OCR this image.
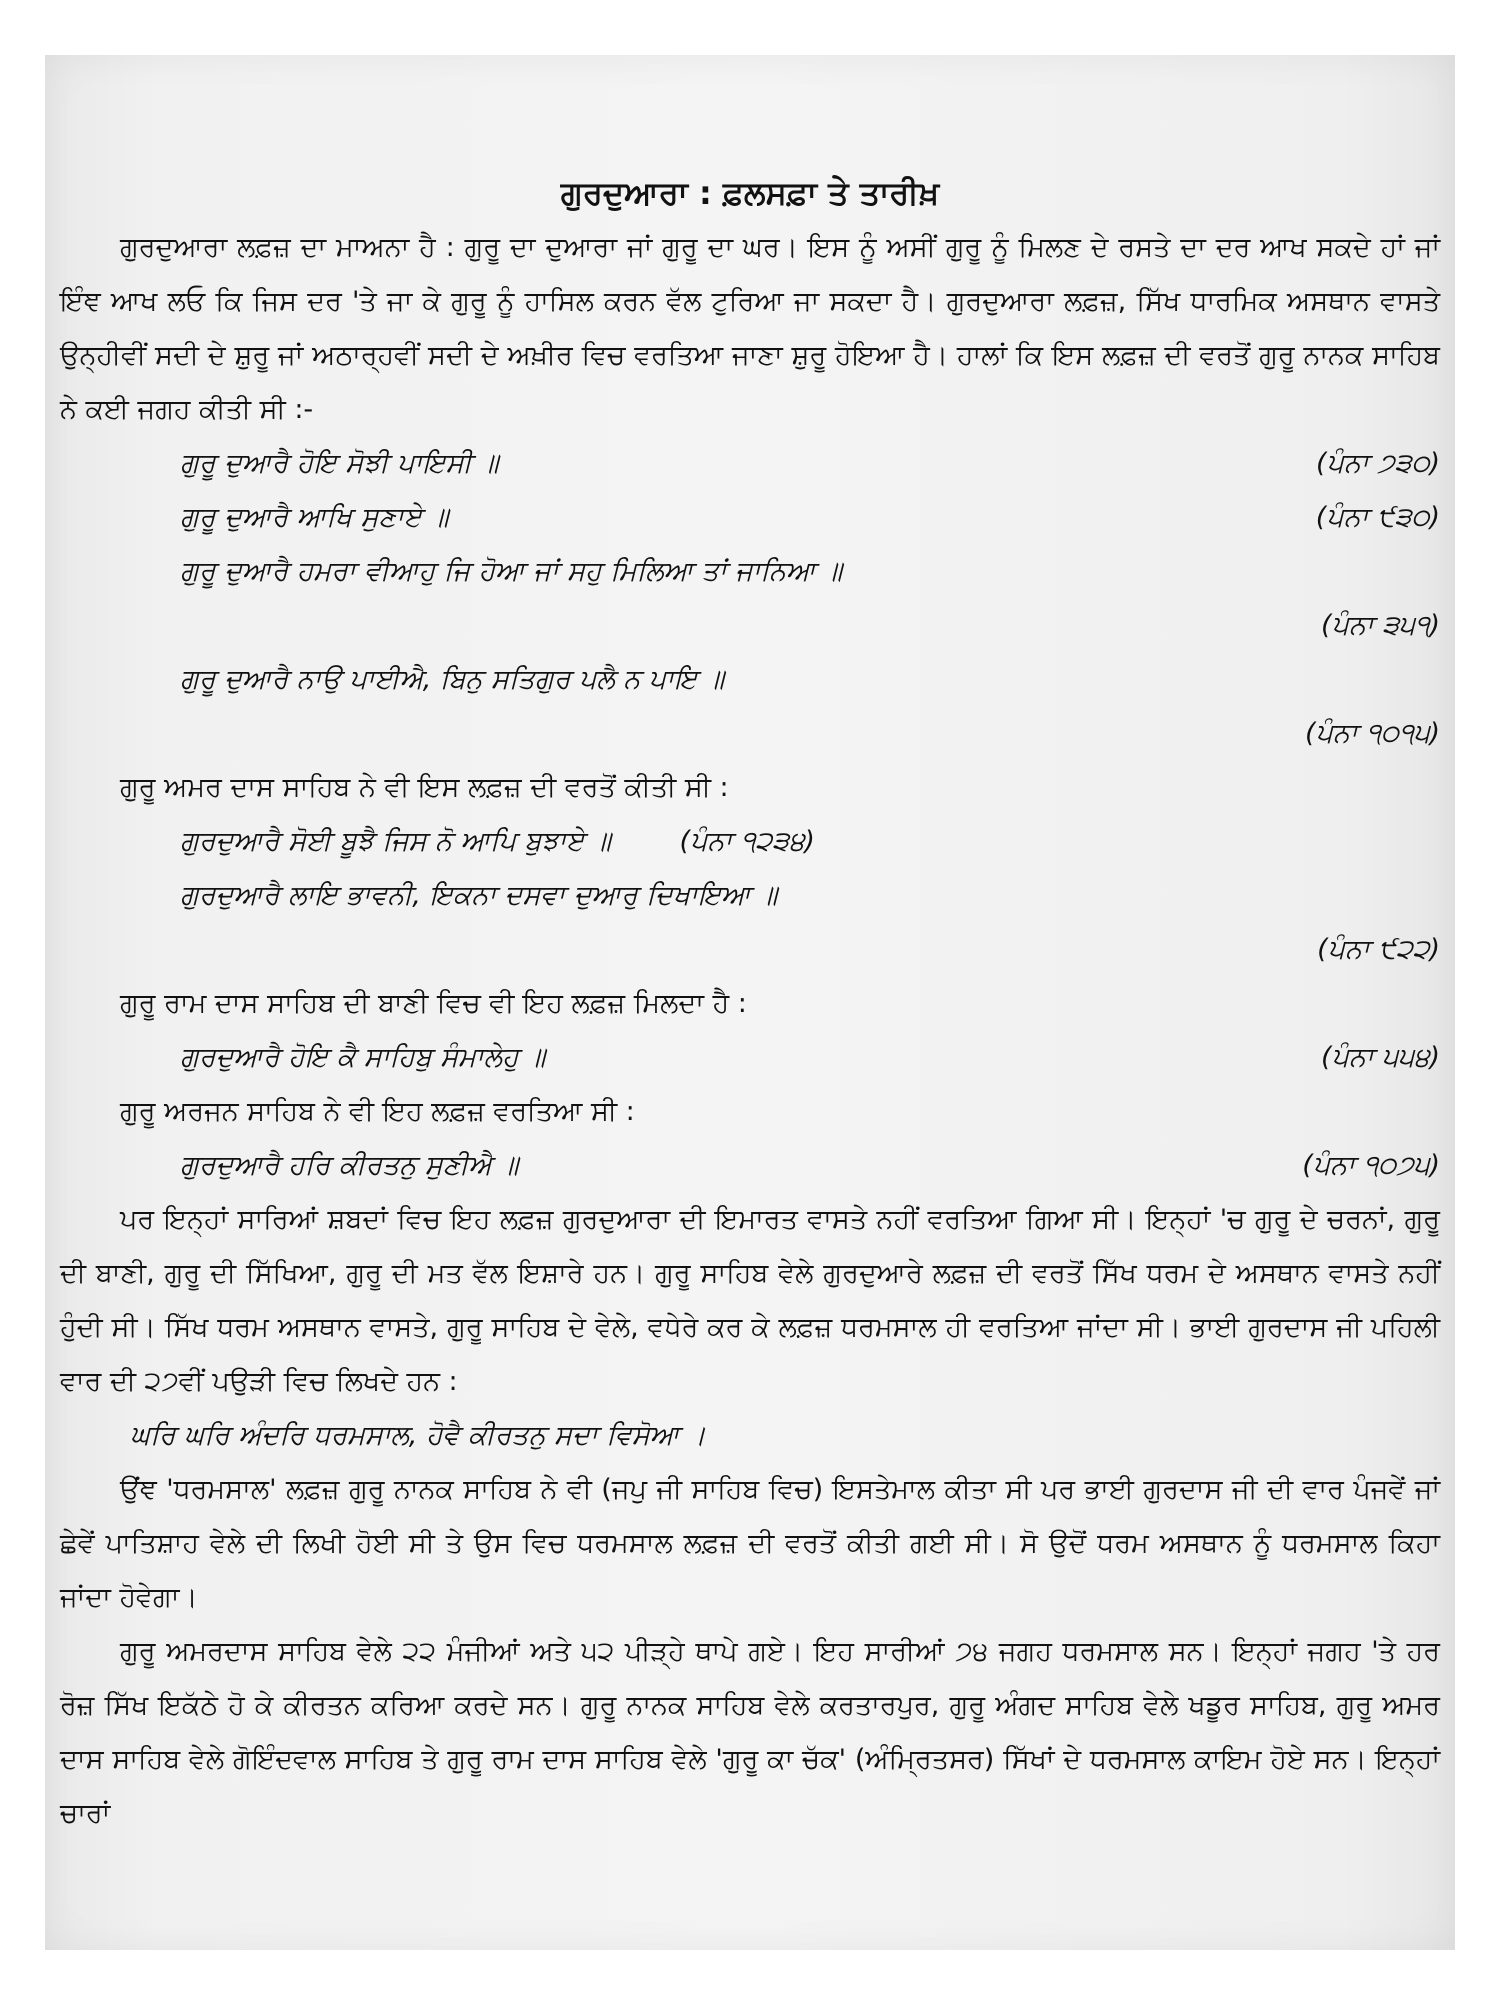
ਗੁਰਦੁਆਰਾ : ਫ਼ਲਸਫ਼ਾ ਤੇ ਤਾਰੀਖ਼

ਗੁਰਦੁਆਰਾ ਲਫ਼ਜ਼ ਦਾ ਮਾਅਨਾ ਹੈ : ਗੁਰੂ ਦਾ ਦੁਆਰਾ ਜਾਂ ਗੁਰੂ ਦਾ ਘਰ। ਇਸ ਨੂੰ ਅਸੀਂ ਗੁਰੂ ਨੂੰ ਮਿਲਣ ਦੇ ਰਸਤੇ ਦਾ ਦਰ ਆਖ ਸਕਦੇ ਹਾਂ ਜਾਂ ਇੰਞ ਆਖ ਲਓ ਕਿ ਜਿਸ ਦਰ 'ਤੇ ਜਾ ਕੇ ਗੁਰੂ ਨੂੰ ਹਾਸਿਲ ਕਰਨ ਵੱਲ ਟੁਰਿਆ ਜਾ ਸਕਦਾ ਹੈ। ਗੁਰਦੁਆਰਾ ਲਫ਼ਜ਼, ਸਿੱਖ ਧਾਰਮਿਕ ਅਸਥਾਨ ਵਾਸਤੇ ਉਨ੍ਹੀਵੀਂ ਸਦੀ ਦੇ ਸ਼ੁਰੂ ਜਾਂ ਅਠਾਰ੍ਹਵੀਂ ਸਦੀ ਦੇ ਅਖ਼ੀਰ ਵਿਚ ਵਰਤਿਆ ਜਾਣਾ ਸ਼ੁਰੂ ਹੋਇਆ ਹੈ। ਹਾਲਾਂ ਕਿ ਇਸ ਲਫ਼ਜ਼ ਦੀ ਵਰਤੋਂ ਗੁਰੂ ਨਾਨਕ ਸਾਹਿਬ ਨੇ ਕਈ ਜਗਹ ਕੀਤੀ ਸੀ :-

ਗੁਰੂ ਦੁਆਰੈ ਹੋਇ ਸੋਝੀ ਪਾਇਸੀ ॥	(ਪੰਨਾ ੭੩੦)
ਗੁਰੂ ਦੁਆਰੈ ਆਖਿ ਸੁਣਾਏ ॥	(ਪੰਨਾ ੯੩੦)
ਗੁਰੂ ਦੁਆਰੈ ਹਮਰਾ ਵੀਆਹੁ ਜਿ ਹੋਆ ਜਾਂ ਸਹੁ ਮਿਲਿਆ ਤਾਂ ਜਾਨਿਆ ॥
(ਪੰਨਾ ੩੫੧)
ਗੁਰੂ ਦੁਆਰੈ ਨਾਉ ਪਾਈਐ, ਬਿਨੁ ਸਤਿਗੁਰ ਪਲੈ ਨ ਪਾਇ ॥
(ਪੰਨਾ ੧੦੧੫)

ਗੁਰੂ ਅਮਰ ਦਾਸ ਸਾਹਿਬ ਨੇ ਵੀ ਇਸ ਲਫ਼ਜ਼ ਦੀ ਵਰਤੋਂ ਕੀਤੀ ਸੀ :

ਗੁਰਦੁਆਰੈ ਸੋਈ ਬੂਝੈ ਜਿਸ ਨੋ ਆਪਿ ਬੁਝਾਏ ॥	(ਪੰਨਾ ੧੨੩੪)
ਗੁਰਦੁਆਰੈ ਲਾਇ ਭਾਵਨੀ, ਇਕਨਾ ਦਸਵਾ ਦੁਆਰੁ ਦਿਖਾਇਆ ॥
(ਪੰਨਾ ੯੨੨)

ਗੁਰੂ ਰਾਮ ਦਾਸ ਸਾਹਿਬ ਦੀ ਬਾਣੀ ਵਿਚ ਵੀ ਇਹ ਲਫ਼ਜ਼ ਮਿਲਦਾ ਹੈ :

ਗੁਰਦੁਆਰੈ ਹੋਇ ਕੈ ਸਾਹਿਬੁ ਸੰਮਾਲੇਹੁ ॥	(ਪੰਨਾ ੫੫੪)

ਗੁਰੂ ਅਰਜਨ ਸਾਹਿਬ ਨੇ ਵੀ ਇਹ ਲਫ਼ਜ਼ ਵਰਤਿਆ ਸੀ :

ਗੁਰਦੁਆਰੈ ਹਰਿ ਕੀਰਤਨੁ ਸੁਣੀਐ ॥	(ਪੰਨਾ ੧੦੭੫)

ਪਰ ਇਨ੍ਹਾਂ ਸਾਰਿਆਂ ਸ਼ਬਦਾਂ ਵਿਚ ਇਹ ਲਫ਼ਜ਼ ਗੁਰਦੁਆਰਾ ਦੀ ਇਮਾਰਤ ਵਾਸਤੇ ਨਹੀਂ ਵਰਤਿਆ ਗਿਆ ਸੀ। ਇਨ੍ਹਾਂ 'ਚ ਗੁਰੂ ਦੇ ਚਰਨਾਂ, ਗੁਰੂ ਦੀ ਬਾਣੀ, ਗੁਰੂ ਦੀ ਸਿੱਖਿਆ, ਗੁਰੂ ਦੀ ਮਤ ਵੱਲ ਇਸ਼ਾਰੇ ਹਨ। ਗੁਰੂ ਸਾਹਿਬ ਵੇਲੇ ਗੁਰਦੁਆਰੇ ਲਫ਼ਜ਼ ਦੀ ਵਰਤੋਂ ਸਿੱਖ ਧਰਮ ਦੇ ਅਸਥਾਨ ਵਾਸਤੇ ਨਹੀਂ ਹੁੰਦੀ ਸੀ। ਸਿੱਖ ਧਰਮ ਅਸਥਾਨ ਵਾਸਤੇ, ਗੁਰੂ ਸਾਹਿਬ ਦੇ ਵੇਲੇ, ਵਧੇਰੇ ਕਰ ਕੇ ਲਫ਼ਜ਼ ਧਰਮਸਾਲ ਹੀ ਵਰਤਿਆ ਜਾਂਦਾ ਸੀ। ਭਾਈ ਗੁਰਦਾਸ ਜੀ ਪਹਿਲੀ ਵਾਰ ਦੀ ੨੭ਵੀਂ ਪਉੜੀ ਵਿਚ ਲਿਖਦੇ ਹਨ :

ਘਰਿ ਘਰਿ ਅੰਦਰਿ ਧਰਮਸਾਲ, ਹੋਵੈ ਕੀਰਤਨੁ ਸਦਾ ਵਿਸੋਆ ।

ਉਂਞ 'ਧਰਮਸਾਲ' ਲਫ਼ਜ਼ ਗੁਰੂ ਨਾਨਕ ਸਾਹਿਬ ਨੇ ਵੀ (ਜਪੁ ਜੀ ਸਾਹਿਬ ਵਿਚ) ਇਸਤੇਮਾਲ ਕੀਤਾ ਸੀ ਪਰ ਭਾਈ ਗੁਰਦਾਸ ਜੀ ਦੀ ਵਾਰ ਪੰਜਵੇਂ ਜਾਂ ਛੇਵੇਂ ਪਾਤਿਸ਼ਾਹ ਵੇਲੇ ਦੀ ਲਿਖੀ ਹੋਈ ਸੀ ਤੇ ਉਸ ਵਿਚ ਧਰਮਸਾਲ ਲਫ਼ਜ਼ ਦੀ ਵਰਤੋਂ ਕੀਤੀ ਗਈ ਸੀ। ਸੋ ਉਦੋਂ ਧਰਮ ਅਸਥਾਨ ਨੂੰ ਧਰਮਸਾਲ ਕਿਹਾ ਜਾਂਦਾ ਹੋਵੇਗਾ।

ਗੁਰੂ ਅਮਰਦਾਸ ਸਾਹਿਬ ਵੇਲੇ ੨੨ ਮੰਜੀਆਂ ਅਤੇ ੫੨ ਪੀੜ੍ਹੇ ਥਾਪੇ ਗਏ। ਇਹ ਸਾਰੀਆਂ ੭੪ ਜਗਹ ਧਰਮਸਾਲ ਸਨ। ਇਨ੍ਹਾਂ ਜਗਹ 'ਤੇ ਹਰ ਰੋਜ਼ ਸਿੱਖ ਇਕੱਠੇ ਹੋ ਕੇ ਕੀਰਤਨ ਕਰਿਆ ਕਰਦੇ ਸਨ। ਗੁਰੂ ਨਾਨਕ ਸਾਹਿਬ ਵੇਲੇ ਕਰਤਾਰਪੁਰ, ਗੁਰੂ ਅੰਗਦ ਸਾਹਿਬ ਵੇਲੇ ਖਡੂਰ ਸਾਹਿਬ, ਗੁਰੂ ਅਮਰ ਦਾਸ ਸਾਹਿਬ ਵੇਲੇ ਗੋਇੰਦਵਾਲ ਸਾਹਿਬ ਤੇ ਗੁਰੂ ਰਾਮ ਦਾਸ ਸਾਹਿਬ ਵੇਲੇ 'ਗੁਰੂ ਕਾ ਚੱਕ' (ਅੰਮ੍ਰਿਤਸਰ) ਸਿੱਖਾਂ ਦੇ ਧਰਮਸਾਲ ਕਾਇਮ ਹੋਏ ਸਨ। ਇਨ੍ਹਾਂ ਚਾਰਾਂ
